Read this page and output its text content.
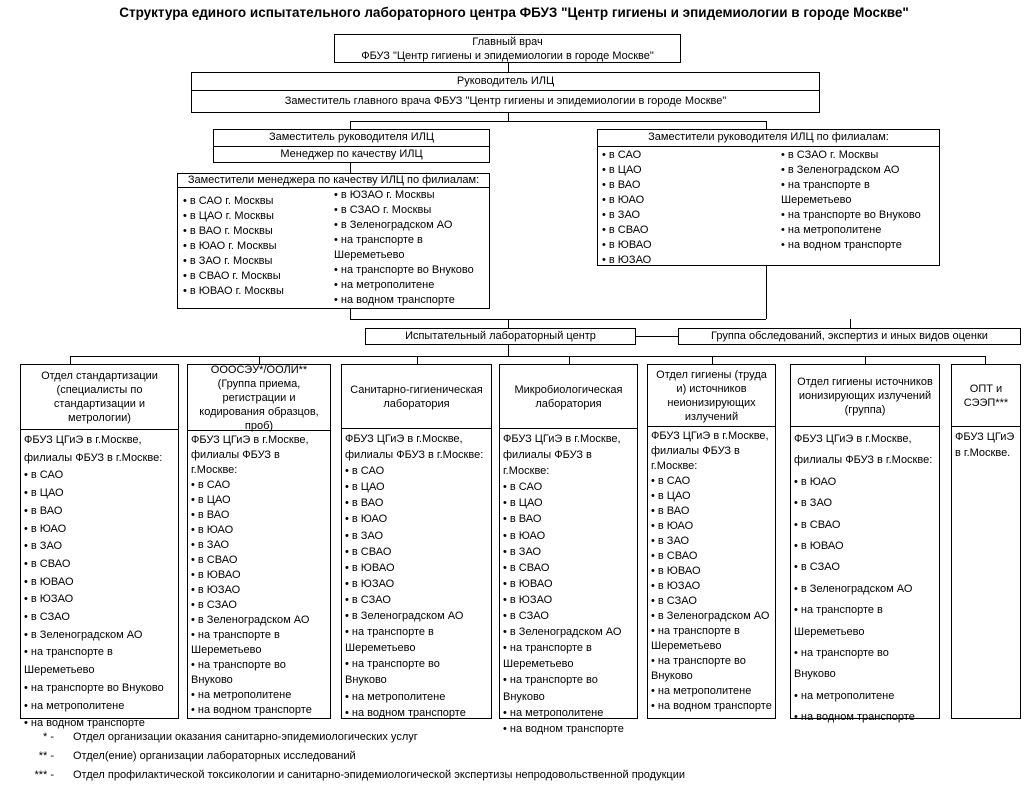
Структура единого испытательного лабораторного центра ФБУЗ "Центр гигиены и эпидемиологии в городе Москве"
Главный врач
ФБУЗ "Центр гигиены и эпидемиологии в городе Москве"
Руководитель ИЛЦ
Заместитель главного врача ФБУЗ "Центр гигиены и эпидемиологии в городе Москве"
Заместитель руководителя ИЛЦ
Менеджер по качеству ИЛЦ
Заместители менеджера по качеству ИЛЦ по филиалам:
• в САО г. Москвы
• в ЦАО г. Москвы
• в ВАО г. Москвы
• в ЮАО г. Москвы
• в ЗАО г. Москвы
• в СВАО г. Москвы
• в ЮВАО г. Москвы
• в ЮЗАО г. Москвы
• в СЗАО г. Москвы
• в Зеленоградском АО
• на транспорте в
Шереметьево
• на транспорте во Внуково
• на метрополитене
• на водном транспорте
Заместители руководителя ИЛЦ по филиалам:
• в САО
• в ЦАО
• в ВАО
• в ЮАО
• в ЗАО
• в СВАО
• в ЮВАО
• в ЮЗАО
• в СЗАО г. Москвы
• в Зеленоградском АО
• на транспорте в
Шереметьево
• на транспорте во Внуково
• на метрополитене
• на водном транспорте
Испытательный лабораторный центр	Группа обследований, экспертиз и иных видов оценки
Отдел стандартизации (специалисты по стандартизации и метрологии)
ФБУЗ ЦГиЭ в г.Москве,
филиалы ФБУЗ в г.Москве:
• в САО
• в ЦАО
• в ВАО
• в ЮАО
• в ЗАО
• в СВАО
• в ЮВАО
• в ЮЗАО
• в СЗАО
• в Зеленоградском АО
• на транспорте в
Шереметьево
• на транспорте во Внуково
• на метрополитене
• на водном транспорте
ОООСЭУ*/ООЛИ** (Группа приема, регистрации и кодирования образцов, проб)
ФБУЗ ЦГиЭ в г.Москве,
филиалы ФБУЗ в
г.Москве:
• в САО
• в ЦАО
• в ВАО
• в ЮАО
• в ЗАО
• в СВАО
• в ЮВАО
• в ЮЗАО
• в СЗАО
• в Зеленоградском АО
• на транспорте в
Шереметьево
• на транспорте во
Внуково
• на метрополитене
• на водном транспорте
Санитарно-гигиеническая лаборатория
ФБУЗ ЦГиЭ в г.Москве,
филиалы ФБУЗ в г.Москве:
• в САО
• в ЦАО
• в ВАО
• в ЮАО
• в ЗАО
• в СВАО
• в ЮВАО
• в ЮЗАО
• в СЗАО
• в Зеленоградском АО
• на транспорте в
Шереметьево
• на транспорте во
Внуково
• на метрополитене
• на водном транспорте
Микробиологическая лаборатория
ФБУЗ ЦГиЭ в г.Москве,
филиалы ФБУЗ в
г.Москве:
• в САО
• в ЦАО
• в ВАО
• в ЮАО
• в ЗАО
• в СВАО
• в ЮВАО
• в ЮЗАО
• в СЗАО
• в Зеленоградском АО
• на транспорте в
Шереметьево
• на транспорте во
Внуково
• на метрополитене
• на водном транспорте
Отдел гигиены (труда и) источников неионизирующих излучений
ФБУЗ ЦГиЭ в г.Москве,
филиалы ФБУЗ в
г.Москве:
• в САО
• в ЦАО
• в ВАО
• в ЮАО
• в ЗАО
• в СВАО
• в ЮВАО
• в ЮЗАО
• в СЗАО
• в Зеленоградском АО
• на транспорте в
Шереметьево
• на транспорте во
Внуково
• на метрополитене
• на водном транспорте
Отдел гигиены источников ионизирующих излучений (группа)
ФБУЗ ЦГиЭ в г.Москве,
филиалы ФБУЗ в г.Москве:
• в ЮАО
• в ЗАО
• в СВАО
• в ЮВАО
• в СЗАО
• в Зеленоградском АО
• на транспорте в
Шереметьево
• на транспорте во
Внуково
• на метрополитене
• на водном транспорте
ОПТ и СЭЭП***
ФБУЗ ЦГиЭ
в г.Москве.
* - Отдел организации оказания санитарно-эпидемиологических услуг
** - Отдел(ение) организации лабораторных исследований
*** - Отдел профилактической токсикологии и санитарно-эпидемиологической экспертизы непродовольственной продукции
